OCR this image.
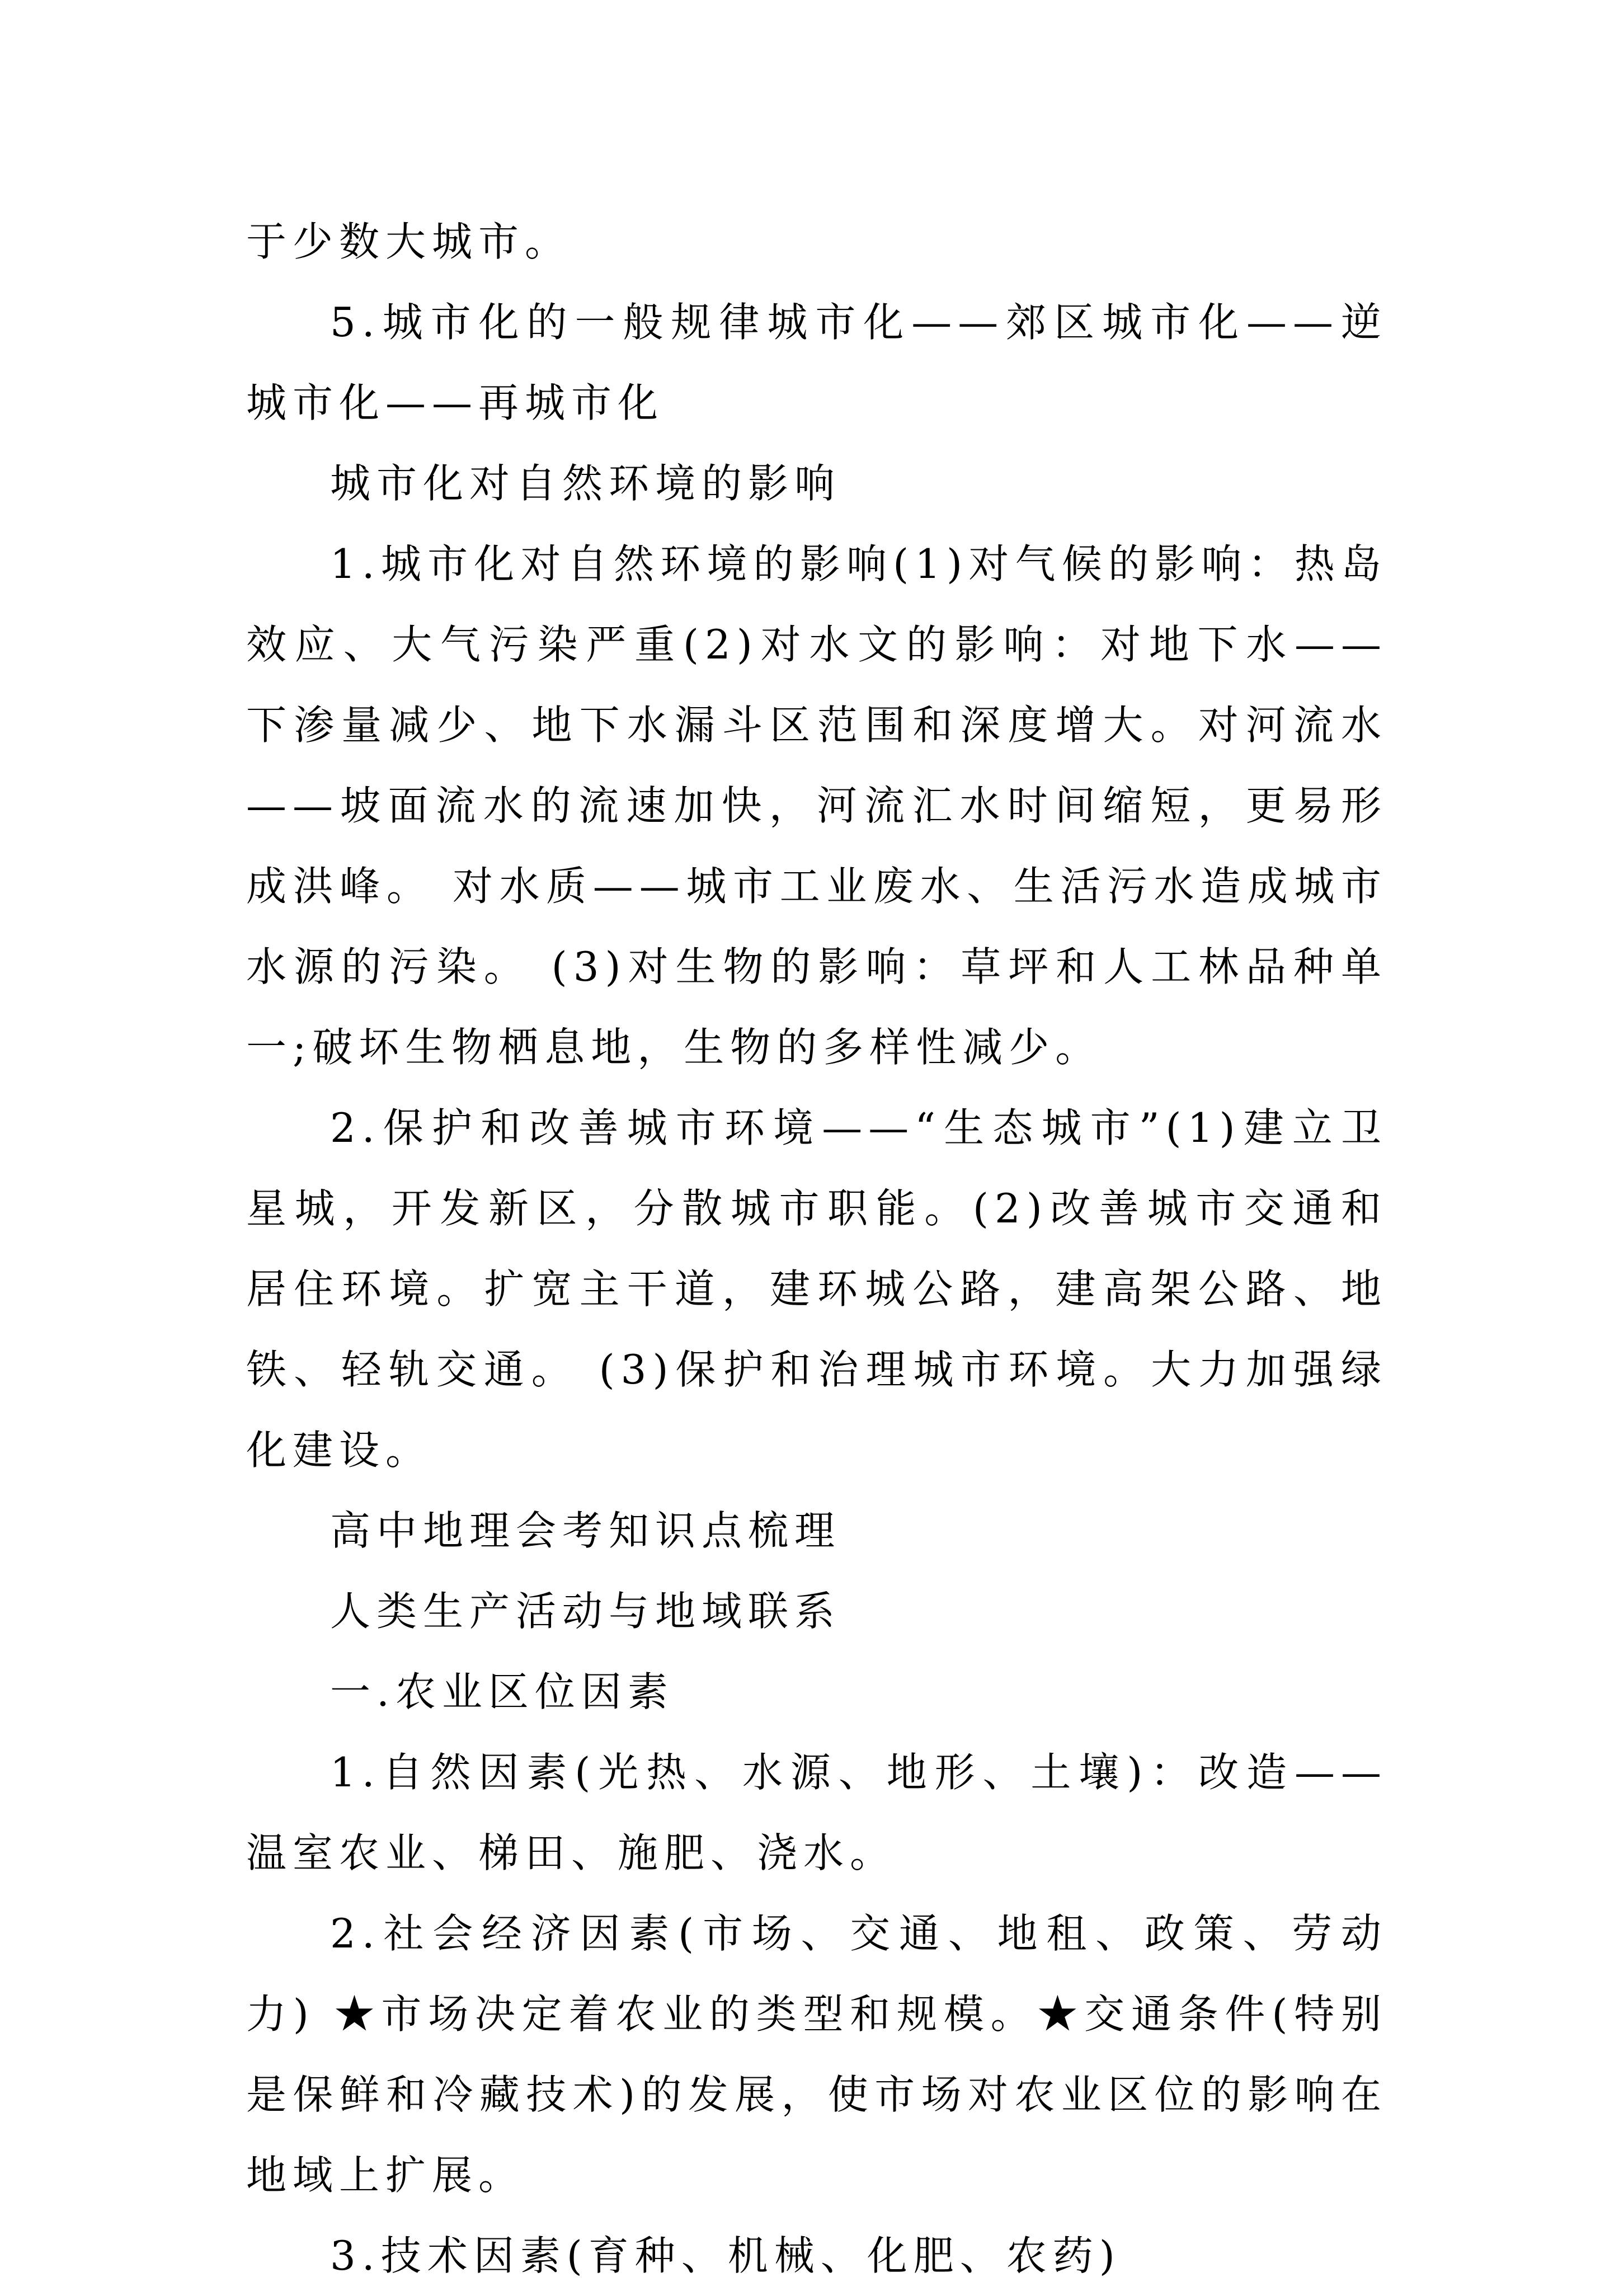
于少数大城市。

5.城市化的一般规律城市化——郊区城市化——逆城市化——再城市化

城市化对自然环境的影响

1.城市化对自然环境的影响(1)对气候的影响：热岛效应、大气污染严重(2)对水文的影响：对地下水——下渗量减少、地下水漏斗区范围和深度增大。对河流水——坡面流水的流速加快，河流汇水时间缩短，更易形成洪峰。 对水质——城市工业废水、生活污水造成城市水源的污染。 (3)对生物的影响：草坪和人工林品种单一;破坏生物栖息地，生物的多样性减少。

2.保护和改善城市环境——“生态城市”(1)建立卫星城，开发新区，分散城市职能。(2)改善城市交通和居住环境。扩宽主干道，建环城公路，建高架公路、地铁、轻轨交通。 (3)保护和治理城市环境。大力加强绿化建设。

高中地理会考知识点梳理

人类生产活动与地域联系

一.农业区位因素

1.自然因素(光热、水源、地形、土壤)：改造——温室农业、梯田、施肥、浇水。

2.社会经济因素(市场、交通、地租、政策、劳动力) ★市场决定着农业的类型和规模。★交通条件(特别是保鲜和冷藏技术)的发展，使市场对农业区位的影响在地域上扩展。

3.技术因素(育种、机械、化肥、农药)
